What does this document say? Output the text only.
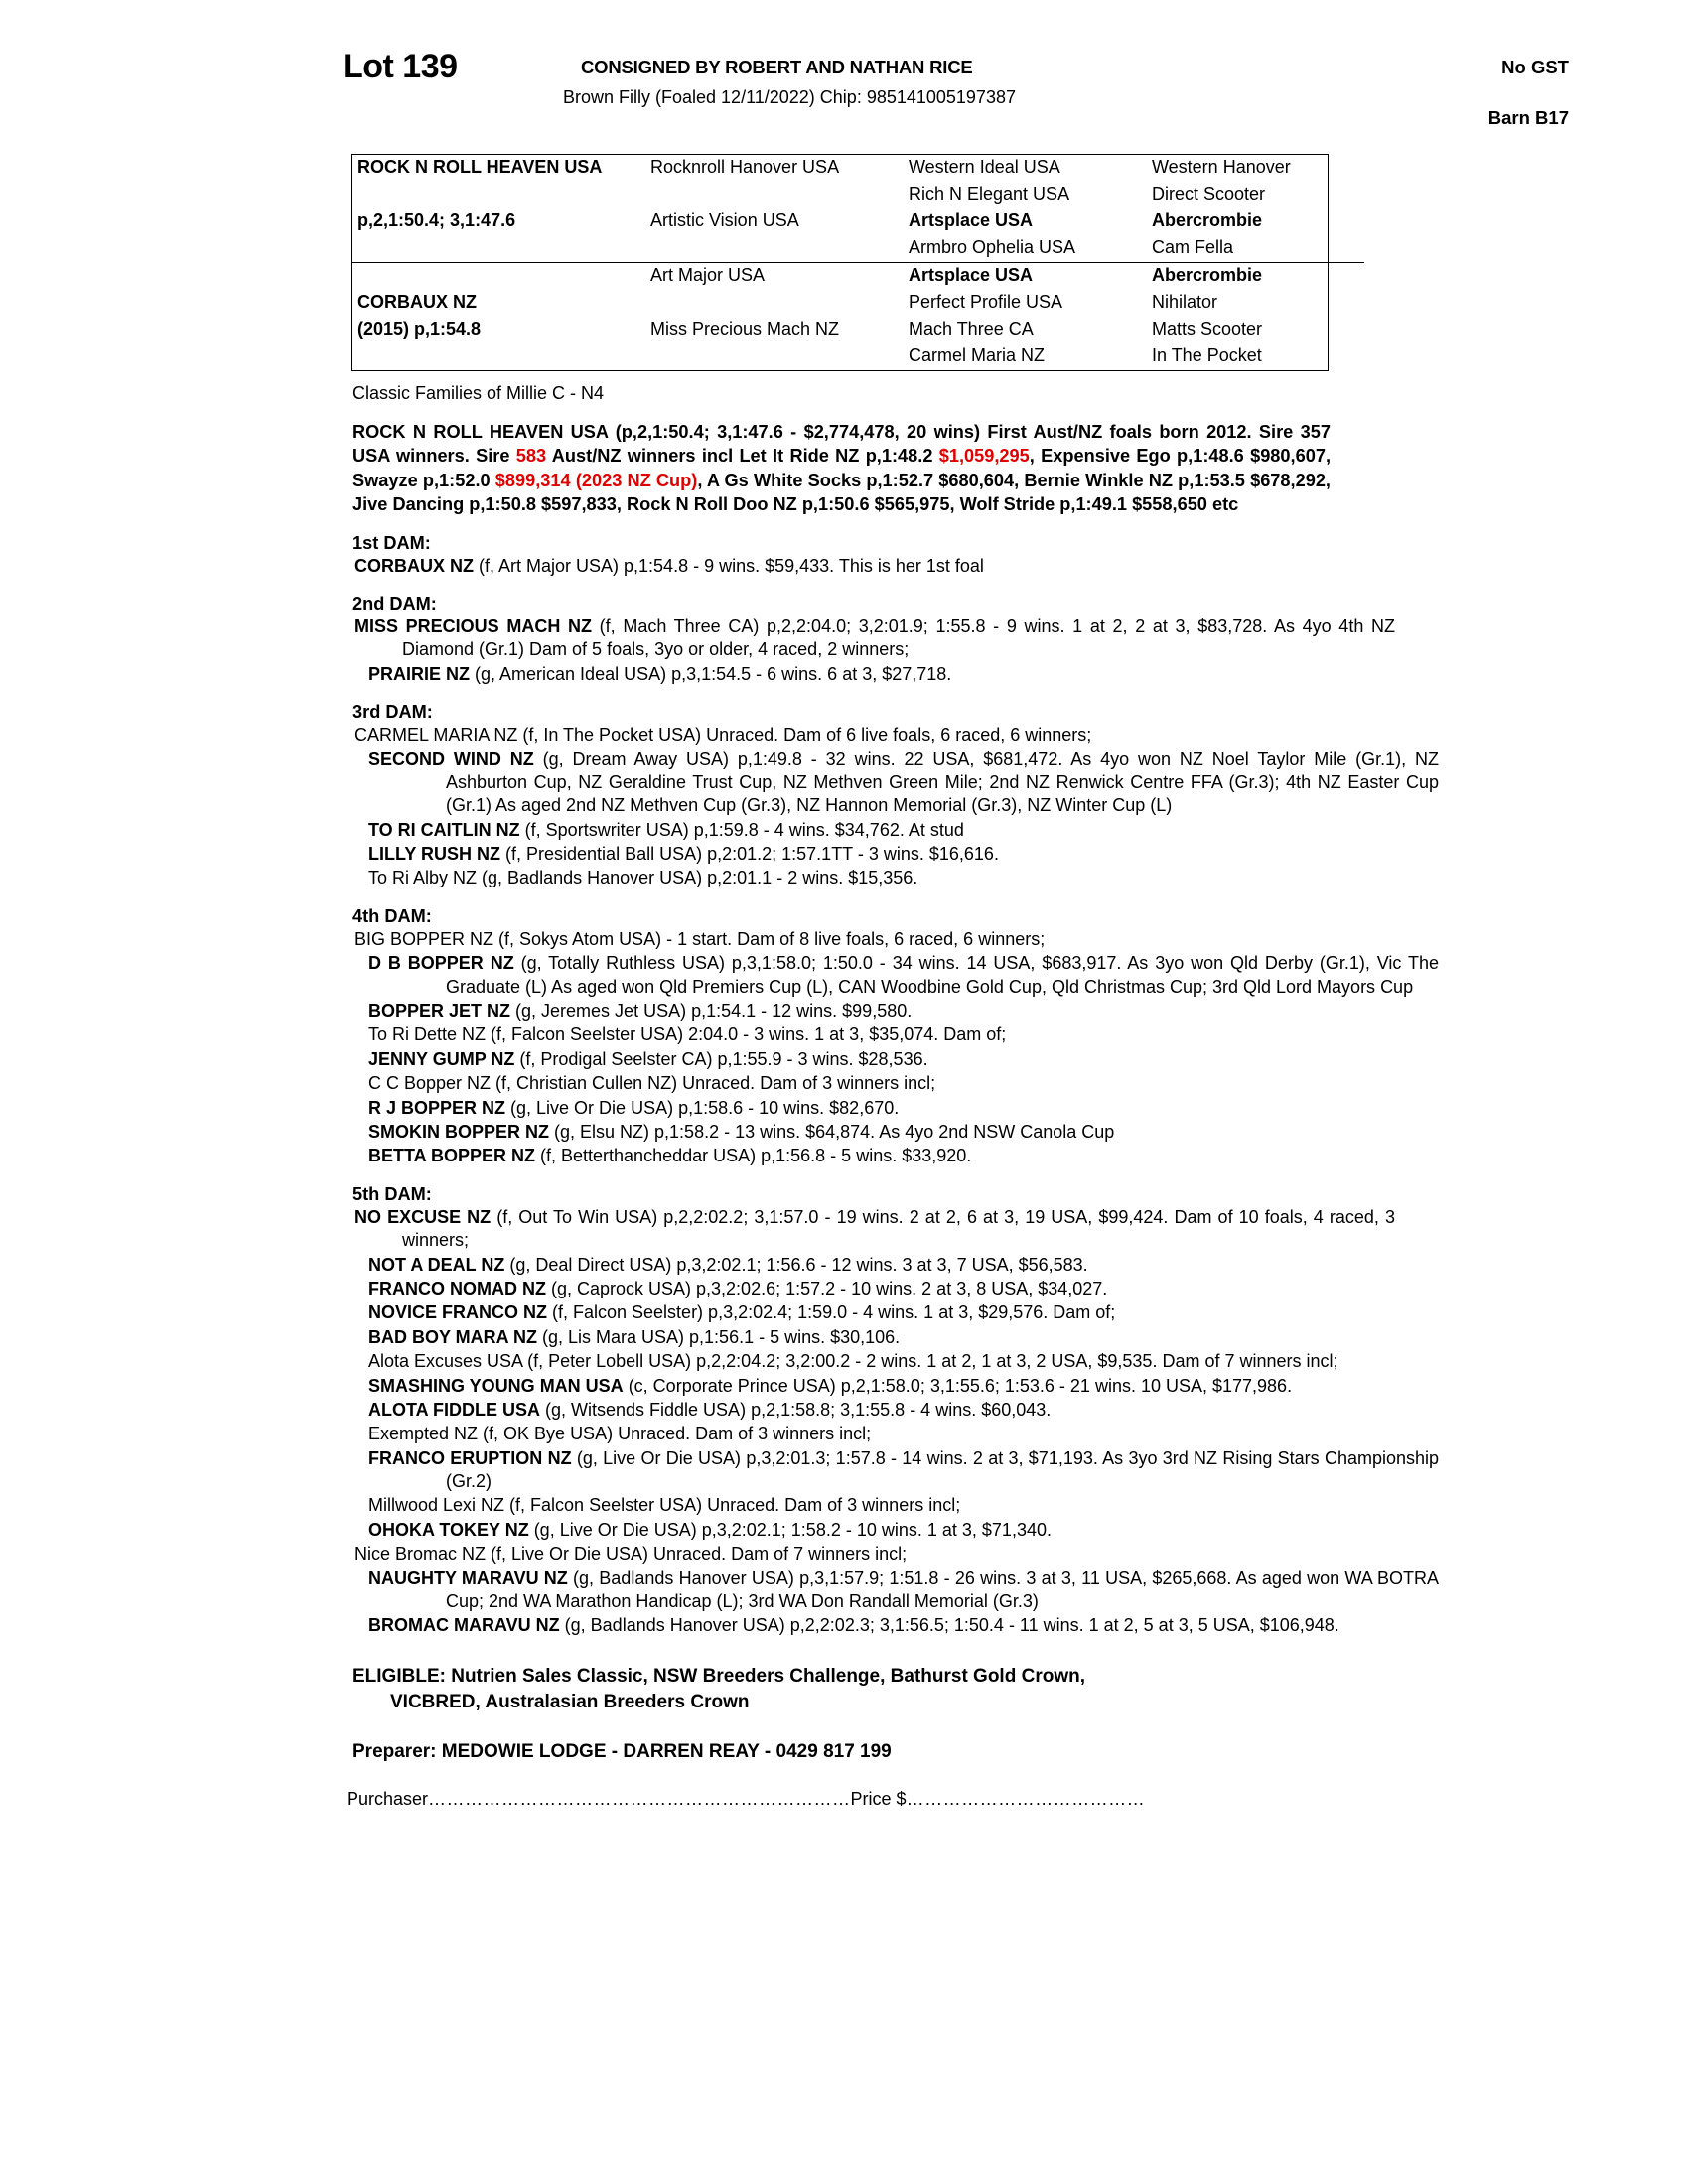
Lot 139	CONSIGNED BY ROBERT AND NATHAN RICE
Brown Filly (Foaled 12/11/2022) Chip: 985141005197387
No GST
Barn B17
ROCK N ROLL HEAVEN USA	Rocknroll Hanover USA	Western Ideal USA	Western Hanover
		Rich N Elegant USA	Direct Scooter
p,2,1:50.4; 3,1:47.6	Artistic Vision USA	Artsplace USA	Abercrombie
		Armbro Ophelia USA	Cam Fella
	Art Major USA	Artsplace USA	Abercrombie
CORBAUX NZ		Perfect Profile USA	Nihilator
(2015) p,1:54.8	Miss Precious Mach NZ	Mach Three CA	Matts Scooter
		Carmel Maria NZ	In The Pocket
Classic Families of Millie C - N4
ROCK N ROLL HEAVEN USA (p,2,1:50.4; 3,1:47.6 - $2,774,478, 20 wins) First Aust/NZ foals born 2012. Sire 357 USA winners. Sire 583 Aust/NZ winners incl Let It Ride NZ p,1:48.2 $1,059,295, Expensive Ego p,1:48.6 $980,607, Swayze p,1:52.0 $899,314 (2023 NZ Cup), A Gs White Socks p,1:52.7 $680,604, Bernie Winkle NZ p,1:53.5 $678,292, Jive Dancing p,1:50.8 $597,833, Rock N Roll Doo NZ p,1:50.6 $565,975, Wolf Stride p,1:49.1 $558,650 etc
1st DAM:
CORBAUX NZ (f, Art Major USA) p,1:54.8 - 9 wins. $59,433. This is her 1st foal
2nd DAM:
MISS PRECIOUS MACH NZ (f, Mach Three CA) p,2,2:04.0; 3,2:01.9; 1:55.8 - 9 wins. 1 at 2, 2 at 3, $83,728. As 4yo 4th NZ Diamond (Gr.1) Dam of 5 foals, 3yo or older, 4 raced, 2 winners;
PRAIRIE NZ (g, American Ideal USA) p,3,1:54.5 - 6 wins. 6 at 3, $27,718.
3rd DAM:
CARMEL MARIA NZ (f, In The Pocket USA) Unraced. Dam of 6 live foals, 6 raced, 6 winners;
SECOND WIND NZ (g, Dream Away USA) p,1:49.8 - 32 wins. 22 USA, $681,472. As 4yo won NZ Noel Taylor Mile (Gr.1), NZ Ashburton Cup, NZ Geraldine Trust Cup, NZ Methven Green Mile; 2nd NZ Renwick Centre FFA (Gr.3); 4th NZ Easter Cup (Gr.1) As aged 2nd NZ Methven Cup (Gr.3), NZ Hannon Memorial (Gr.3), NZ Winter Cup (L)
TO RI CAITLIN NZ (f, Sportswriter USA) p,1:59.8 - 4 wins. $34,762. At stud
LILLY RUSH NZ (f, Presidential Ball USA) p,2:01.2; 1:57.1TT - 3 wins. $16,616.
To Ri Alby NZ (g, Badlands Hanover USA) p,2:01.1 - 2 wins. $15,356.
4th DAM:
BIG BOPPER NZ (f, Sokys Atom USA) - 1 start. Dam of 8 live foals, 6 raced, 6 winners;
D B BOPPER NZ (g, Totally Ruthless USA) p,3,1:58.0; 1:50.0 - 34 wins. 14 USA, $683,917. As 3yo won Qld Derby (Gr.1), Vic The Graduate (L) As aged won Qld Premiers Cup (L), CAN Woodbine Gold Cup, Qld Christmas Cup; 3rd Qld Lord Mayors Cup
BOPPER JET NZ (g, Jeremes Jet USA) p,1:54.1 - 12 wins. $99,580.
To Ri Dette NZ (f, Falcon Seelster USA) 2:04.0 - 3 wins. 1 at 3, $35,074. Dam of;
JENNY GUMP NZ (f, Prodigal Seelster CA) p,1:55.9 - 3 wins. $28,536.
C C Bopper NZ (f, Christian Cullen NZ) Unraced. Dam of 3 winners incl;
R J BOPPER NZ (g, Live Or Die USA) p,1:58.6 - 10 wins. $82,670.
SMOKIN BOPPER NZ (g, Elsu NZ) p,1:58.2 - 13 wins. $64,874. As 4yo 2nd NSW Canola Cup
BETTA BOPPER NZ (f, Betterthancheddar USA) p,1:56.8 - 5 wins. $33,920.
5th DAM:
NO EXCUSE NZ (f, Out To Win USA) p,2,2:02.2; 3,1:57.0 - 19 wins. 2 at 2, 6 at 3, 19 USA, $99,424. Dam of 10 foals, 4 raced, 3 winners;
NOT A DEAL NZ (g, Deal Direct USA) p,3,2:02.1; 1:56.6 - 12 wins. 3 at 3, 7 USA, $56,583.
FRANCO NOMAD NZ (g, Caprock USA) p,3,2:02.6; 1:57.2 - 10 wins. 2 at 3, 8 USA, $34,027.
NOVICE FRANCO NZ (f, Falcon Seelster) p,3,2:02.4; 1:59.0 - 4 wins. 1 at 3, $29,576. Dam of;
BAD BOY MARA NZ (g, Lis Mara USA) p,1:56.1 - 5 wins. $30,106.
Alota Excuses USA (f, Peter Lobell USA) p,2,2:04.2; 3,2:00.2 - 2 wins. 1 at 2, 1 at 3, 2 USA, $9,535. Dam of 7 winners incl;
SMASHING YOUNG MAN USA (c, Corporate Prince USA) p,2,1:58.0; 3,1:55.6; 1:53.6 - 21 wins. 10 USA, $177,986.
ALOTA FIDDLE USA (g, Witsends Fiddle USA) p,2,1:58.8; 3,1:55.8 - 4 wins. $60,043.
Exempted NZ (f, OK Bye USA) Unraced. Dam of 3 winners incl;
FRANCO ERUPTION NZ (g, Live Or Die USA) p,3,2:01.3; 1:57.8 - 14 wins. 2 at 3, $71,193. As 3yo 3rd NZ Rising Stars Championship (Gr.2)
Millwood Lexi NZ (f, Falcon Seelster USA) Unraced. Dam of 3 winners incl;
OHOKA TOKEY NZ (g, Live Or Die USA) p,3,2:02.1; 1:58.2 - 10 wins. 1 at 3, $71,340.
Nice Bromac NZ (f, Live Or Die USA) Unraced. Dam of 7 winners incl;
NAUGHTY MARAVU NZ (g, Badlands Hanover USA) p,3,1:57.9; 1:51.8 - 26 wins. 3 at 3, 11 USA, $265,668. As aged won WA BOTRA Cup; 2nd WA Marathon Handicap (L); 3rd WA Don Randall Memorial (Gr.3)
BROMAC MARAVU NZ (g, Badlands Hanover USA) p,2,2:02.3; 3,1:56.5; 1:50.4 - 11 wins. 1 at 2, 5 at 3, 5 USA, $106,948.
ELIGIBLE: Nutrien Sales Classic, NSW Breeders Challenge, Bathurst Gold Crown,
VICBRED, Australasian Breeders Crown
Preparer: MEDOWIE LODGE - DARREN REAY - 0429 817 199
Purchaser……………………………………………………………Price $…………………………………
